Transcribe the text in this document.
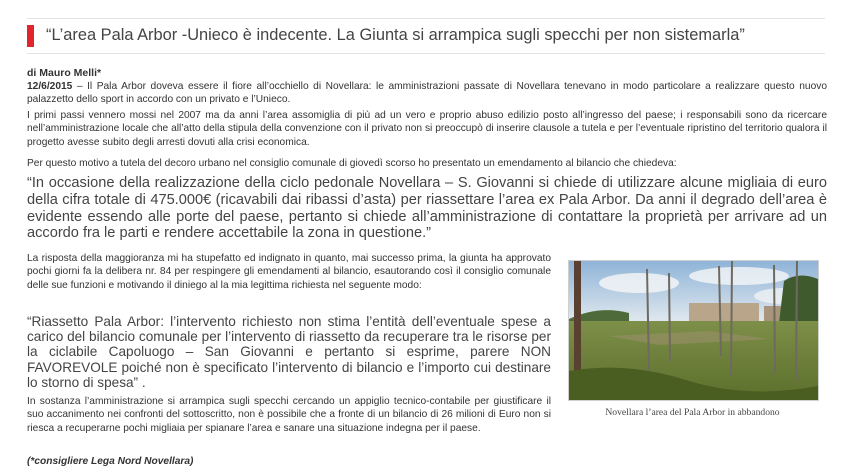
“L’area Pala Arbor -Unieco è indecente. La Giunta si arrampica sugli specchi per non sistemarla”
di Mauro Melli*
12/6/2015 – Il Pala Arbor doveva essere il fiore all’occhiello di Novellara: le amministrazioni passate di Novellara tenevano in modo particolare a realizzare questo nuovo palazzetto dello sport in accordo con un privato e l’Unieco.
I primi passi vennero mossi nel 2007 ma da anni l’area assomiglia di più ad un vero e proprio abuso edilizio posto all’ingresso del paese; i responsabili sono da ricercare nell’amministrazione locale che all’atto della stipula della convenzione con il privato non si preoccupò di inserire clausole a tutela e per l’eventuale ripristino del territorio qualora il progetto avesse subito degli arresti dovuti alla crisi economica.
Per questo motivo a tutela del decoro urbano nel consiglio comunale di giovedì scorso ho presentato un emendamento al bilancio che chiedeva:
“In occasione della realizzazione della ciclo pedonale Novellara – S. Giovanni si chiede di utilizzare alcune migliaia di euro della cifra totale di 475.000€ (ricavabili dai ribassi d’asta) per riassettare l’area ex Pala Arbor. Da anni il degrado dell’area è evidente essendo alle porte del paese, pertanto si chiede all’amministrazione di contattare la proprietà per arrivare ad un accordo fra le parti e rendere accettabile la zona in questione.”
La risposta della maggioranza mi ha stupefatto ed indignato in quanto, mai successo prima, la giunta ha approvato pochi giorni fa la delibera nr. 84 per respingere gli emendamenti al bilancio, esautorando così il consiglio comunale delle sue funzioni e motivando il diniego al la mia legittima richiesta nel seguente modo:
“Riassetto Pala Arbor: l’intervento richiesto non stima l’entità dell’eventuale spese a carico del bilancio comunale per l’intervento di riassetto da recuperare tra le risorse per la ciclabile Capoluogo – San Giovanni e pertanto si esprime, parere NON FAVOREVOLE poiché non è specificato l’intervento di bilancio e l’importo cui destinare lo storno di spesa” .
In sostanza l’amministrazione si arrampica sugli specchi cercando un appiglio tecnico-contabile per giustificare il suo accanimento nei confronti del sottoscritto, non è possibile che a fronte di un bilancio di 26 milioni di Euro non si riesca a recuperarne pochi migliaia per spianare l’area e sanare una situazione indegna per il paese.
(*consigliere Lega Nord Novellara)
Novellara l’area del Pala Arbor in abbandono
